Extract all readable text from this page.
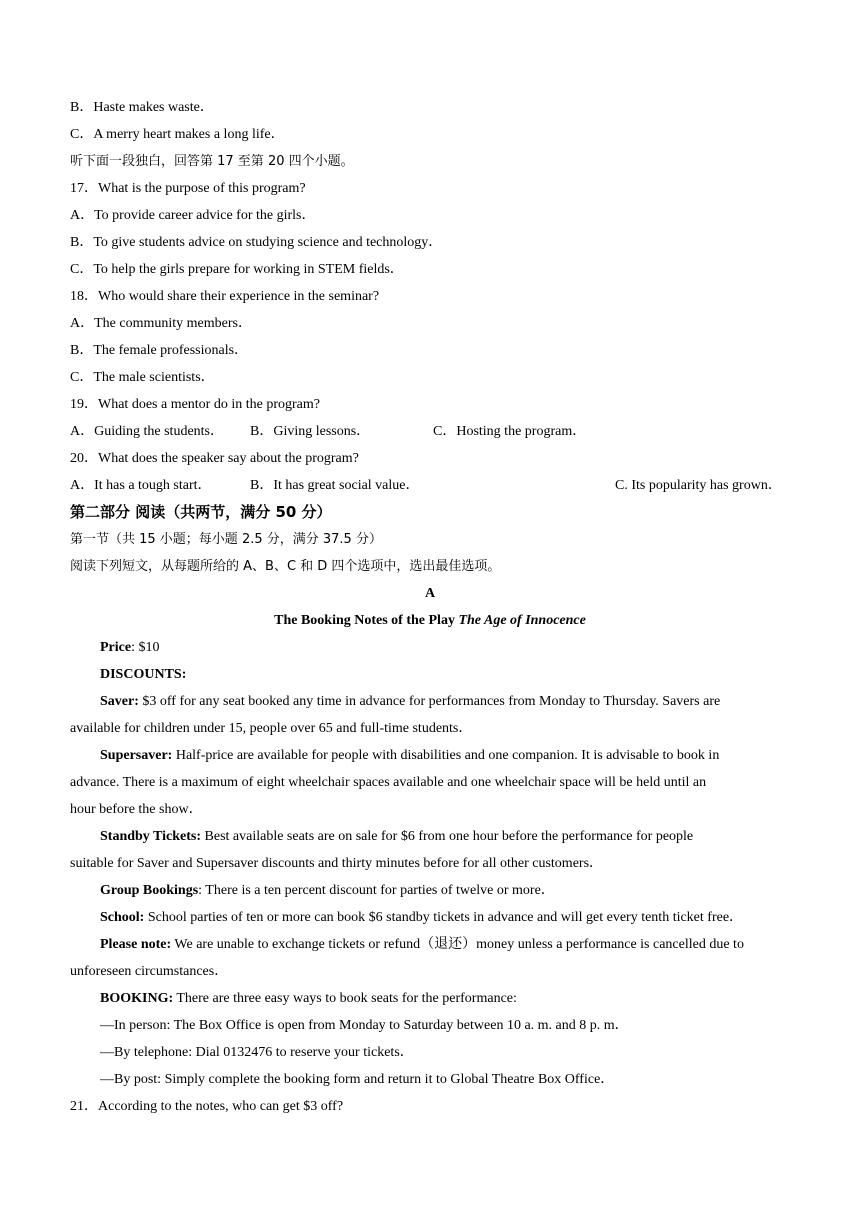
B．Haste makes waste．
C．A merry heart makes a long life．
听下面一段独白，回答第 17 至第 20 四个小题。
17．What is the purpose of this program?
A．To provide career advice for the girls．
B．To give students advice on studying science and technology．
C．To help the girls prepare for working in STEM fields．
18．Who would share their experience in the seminar?
A．The community members．
B．The female professionals．
C．The male scientists．
19．What does a mentor do in the program?
A．Guiding the students． B．Giving lessons．	C．Hosting the program．
20．What does the speaker say about the program?
A．It has a tough start．	B．It has great social value．	C. Its popularity has grown．
第二部分 阅读（共两节，满分 50 分）
第一节（共 15 小题；每小题 2.5 分，满分 37.5 分）
阅读下列短文，从每题所给的 A、B、C 和 D 四个选项中，选出最佳选项。
A
The Booking Notes of the Play The Age of Innocence
Price: $10
DISCOUNTS:
Saver: $3 off for any seat booked any time in advance for performances from Monday to Thursday. Savers are
available for children under 15, people over 65 and full-time students．
Supersaver: Half-price are available for people with disabilities and one companion. It is advisable to book in
advance. There is a maximum of eight wheelchair spaces available and one wheelchair space will be held until an
hour before the show．
Standby Tickets: Best available seats are on sale for $6 from one hour before the performance for people
suitable for Saver and Supersaver discounts and thirty minutes before for all other customers．
Group Bookings: There is a ten percent discount for parties of twelve or more．
School: School parties of ten or more can book $6 standby tickets in advance and will get every tenth ticket free．
Please note: We are unable to exchange tickets or refund（退还）money unless a performance is cancelled due to
unforeseen circumstances．
BOOKING: There are three easy ways to book seats for the performance:
—In person: The Box Office is open from Monday to Saturday between 10 a. m. and 8 p. m．
—By telephone: Dial 0132476 to reserve your tickets．
—By post: Simply complete the booking form and return it to Global Theatre Box Office．
21．According to the notes, who can get $3 off?
